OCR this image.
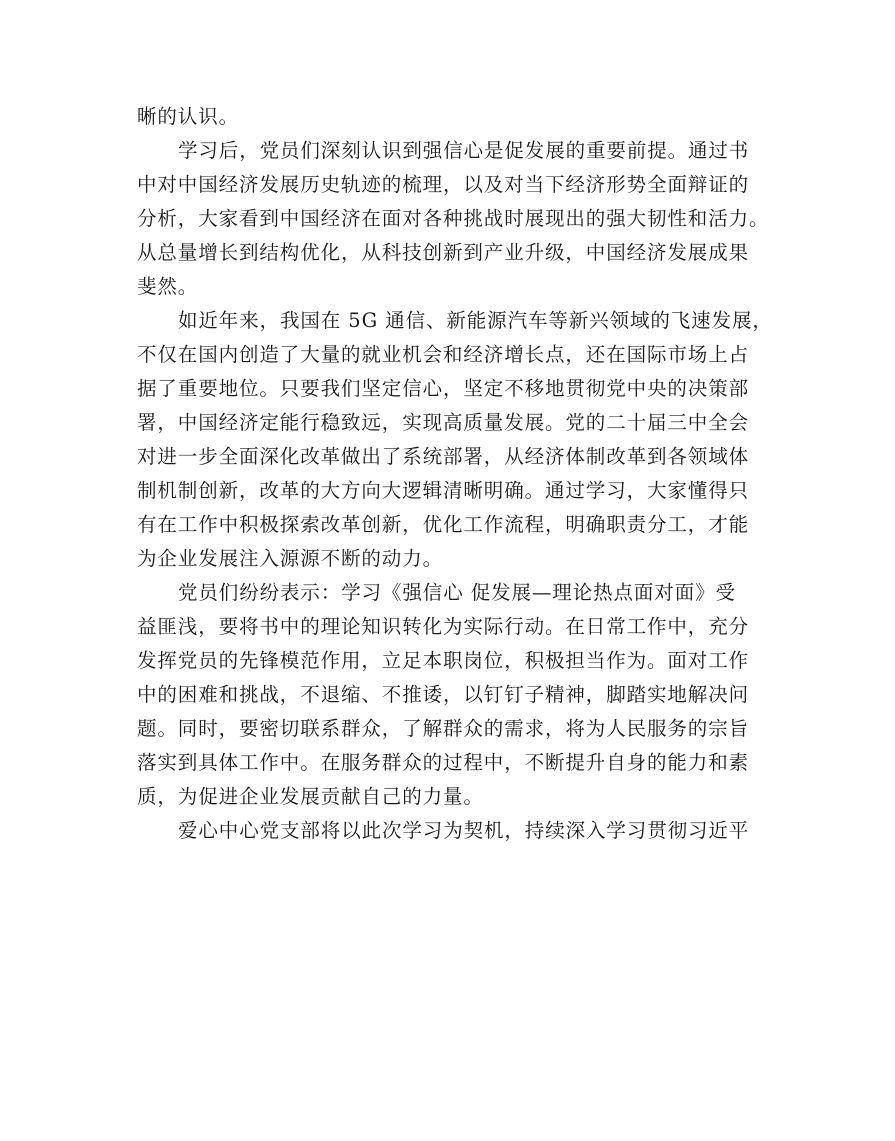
晰的认识。
学习后，党员们深刻认识到强信心是促发展的重要前提。通过书
中对中国经济发展历史轨迹的梳理，以及对当下经济形势全面辩证的
分析，大家看到中国经济在面对各种挑战时展现出的强大韧性和活力。
从总量增长到结构优化，从科技创新到产业升级，中国经济发展成果
斐然。
如近年来，我国在 5G 通信、新能源汽车等新兴领域的飞速发展，
不仅在国内创造了大量的就业机会和经济增长点，还在国际市场上占
据了重要地位。只要我们坚定信心，坚定不移地贯彻党中央的决策部
署，中国经济定能行稳致远，实现高质量发展。党的二十届三中全会
对进一步全面深化改革做出了系统部署，从经济体制改革到各领域体
制机制创新，改革的大方向大逻辑清晰明确。通过学习，大家懂得只
有在工作中积极探索改革创新，优化工作流程，明确职责分工，才能
为企业发展注入源源不断的动力。
党员们纷纷表示：学习《强信心 促发展—理论热点面对面》受
益匪浅，要将书中的理论知识转化为实际行动。在日常工作中，充分
发挥党员的先锋模范作用，立足本职岗位，积极担当作为。面对工作
中的困难和挑战，不退缩、不推诿，以钉钉子精神，脚踏实地解决问
题。同时，要密切联系群众，了解群众的需求，将为人民服务的宗旨
落实到具体工作中。在服务群众的过程中，不断提升自身的能力和素
质，为促进企业发展贡献自己的力量。
爱心中心党支部将以此次学习为契机，持续深入学习贯彻习近平
